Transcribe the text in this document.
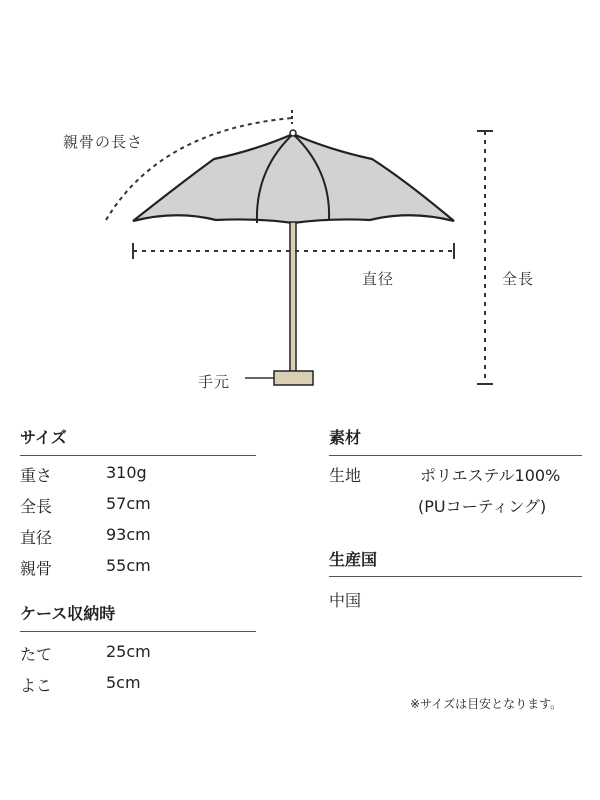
親骨の長さ
直径	全長
手元
サイズ
重さ	310g
全長	57cm
直径	93cm
親骨	55cm
ケース収納時
たて	25cm
よこ	5cm
素材
生地	ポリエステル100%
(PUコーティング)
生産国
中国
※サイズは目安となります。
